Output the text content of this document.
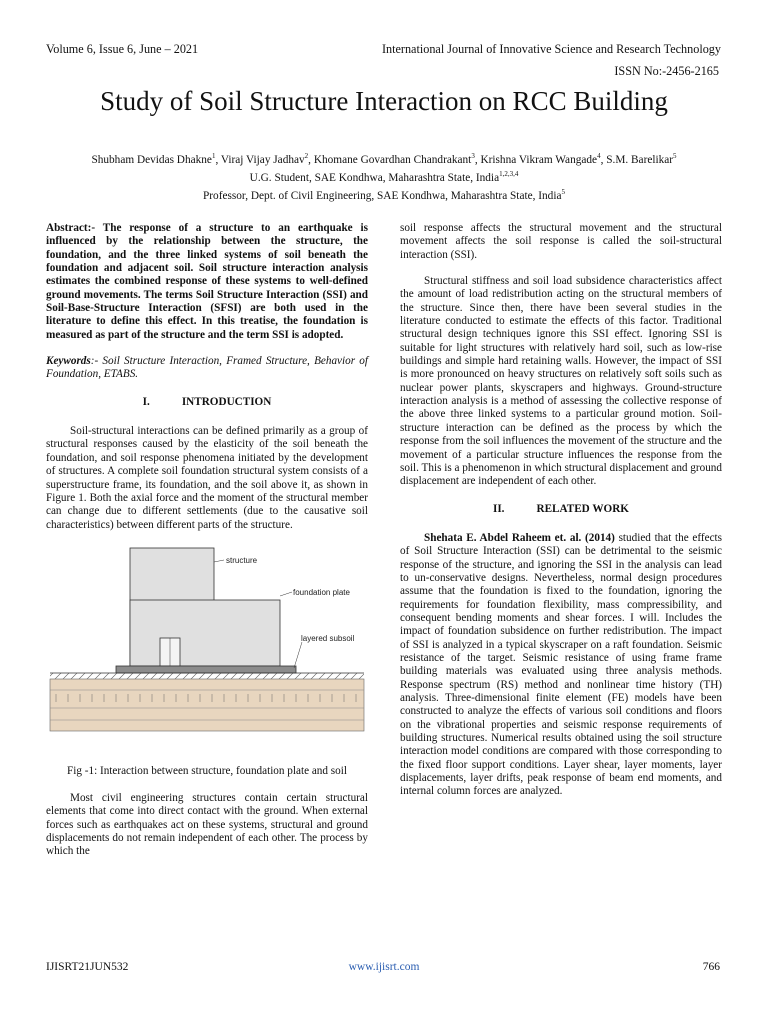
Volume 6, Issue 6, June – 2021	International Journal of Innovative Science and Research Technology
ISSN No:-2456-2165
Study of Soil Structure Interaction on RCC Building
Shubham Devidas Dhakne$^1$, Viraj Vijay Jadhav$^2$, Khomane Govardhan Chandrakant$^3$, Krishna Vikram Wangade$^4$, S.M. Barelikar$^5$
U.G. Student, SAE Kondhwa, Maharashtra State, India$^{1,2,3,4}$
Professor, Dept. of Civil Engineering, SAE Kondhwa, Maharashtra State, India$^5$

Abstract:- The response of a structure to an earthquake is influenced by the relationship between the structure, the foundation, and the three linked systems of soil beneath the foundation and adjacent soil. Soil structure interaction analysis estimates the combined response of these systems to well-defined ground movements. The terms Soil Structure Interaction (SSI) and Soil-Base-Structure Interaction (SFSI) are both used in the literature to define this effect. In this treatise, the foundation is measured as part of the structure and the term SSI is adopted.

Keywords:- Soil Structure Interaction, Framed Structure, Behavior of Foundation, ETABS.

I.	INTRODUCTION

Soil-structural interactions can be defined primarily as a group of structural responses caused by the elasticity of the soil beneath the foundation, and soil response phenomena initiated by the development of structures. A complete soil foundation structural system consists of a superstructure frame, its foundation, and the soil above it, as shown in Figure 1. Both the axial force and the moment of the structural member can change due to different settlements (due to the causative soil characteristics) between different parts of the structure.

structure
foundation plate
layered subsoil
Fig -1: Interaction between structure, foundation plate and soil

Most civil engineering structures contain certain structural elements that come into direct contact with the ground. When external forces such as earthquakes act on these systems, structural and ground displacements do not remain independent of each other. The process by which the

soil response affects the structural movement and the structural movement affects the soil response is called the soil-structural interaction (SSI).

Structural stiffness and soil load subsidence characteristics affect the amount of load redistribution acting on the structural members of the structure. Since then, there have been several studies in the literature conducted to estimate the effects of this factor. Traditional structural design techniques ignore this SSI effect. Ignoring SSI is suitable for light structures with relatively hard soil, such as low-rise buildings and simple hard retaining walls. However, the impact of SSI is more pronounced on heavy structures on relatively soft soils such as nuclear power plants, skyscrapers and highways. Ground-structure interaction analysis is a method of assessing the collective response of the above three linked systems to a particular ground motion. Soil-structure interaction can be defined as the process by which the response from the soil influences the movement of the structure and the movement of a particular structure influences the response from the soil. This is a phenomenon in which structural displacement and ground displacement are independent of each other.

II.	RELATED WORK

Shehata E. Abdel Raheem et. al. (2014) studied that the effects of Soil Structure Interaction (SSI) can be detrimental to the seismic response of the structure, and ignoring the SSI in the analysis can lead to un-conservative designs. Nevertheless, normal design procedures assume that the foundation is fixed to the foundation, ignoring the requirements for foundation flexibility, mass compressibility, and consequent bending moments and shear forces. I will. Includes the impact of foundation subsidence on further redistribution. The impact of SSI is analyzed in a typical skyscraper on a raft foundation. Seismic resistance of the target. Seismic resistance of using frame frame building materials was evaluated using three analysis methods. Response spectrum (RS) method and nonlinear time history (TH) analysis. Three-dimensional finite element (FE) models have been constructed to analyze the effects of various soil conditions and floors on the vibrational properties and seismic response requirements of building structures. Numerical results obtained using the soil structure interaction model conditions are compared with those corresponding to the fixed floor support conditions. Layer shear, layer moments, layer displacements, layer drifts, peak response of beam end moments, and internal column forces are analyzed.

IJISRT21JUN532	www.ijisrt.com	766
